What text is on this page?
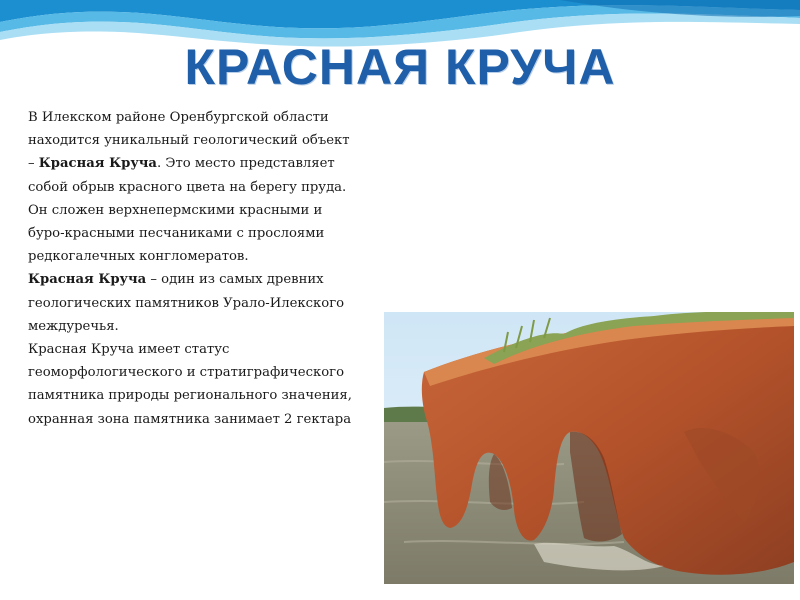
КРАСНАЯ КРУЧА
В Илекском районе Оренбургской области
находится уникальный геологический объект
– Красная Круча. Это место представляет
собой обрыв красного цвета на берегу пруда.
Он сложен верхнепермскими красными и
буро-красными песчаниками с прослоями
редкогалечных конгломератов.
Красная Круча – один из самых древних
геологических памятников Урало-Илекского
междуречья.
Красная Круча имеет статус
геоморфологического и стратиграфического
памятника природы регионального значения,
охранная зона памятника занимает 2 гектара
